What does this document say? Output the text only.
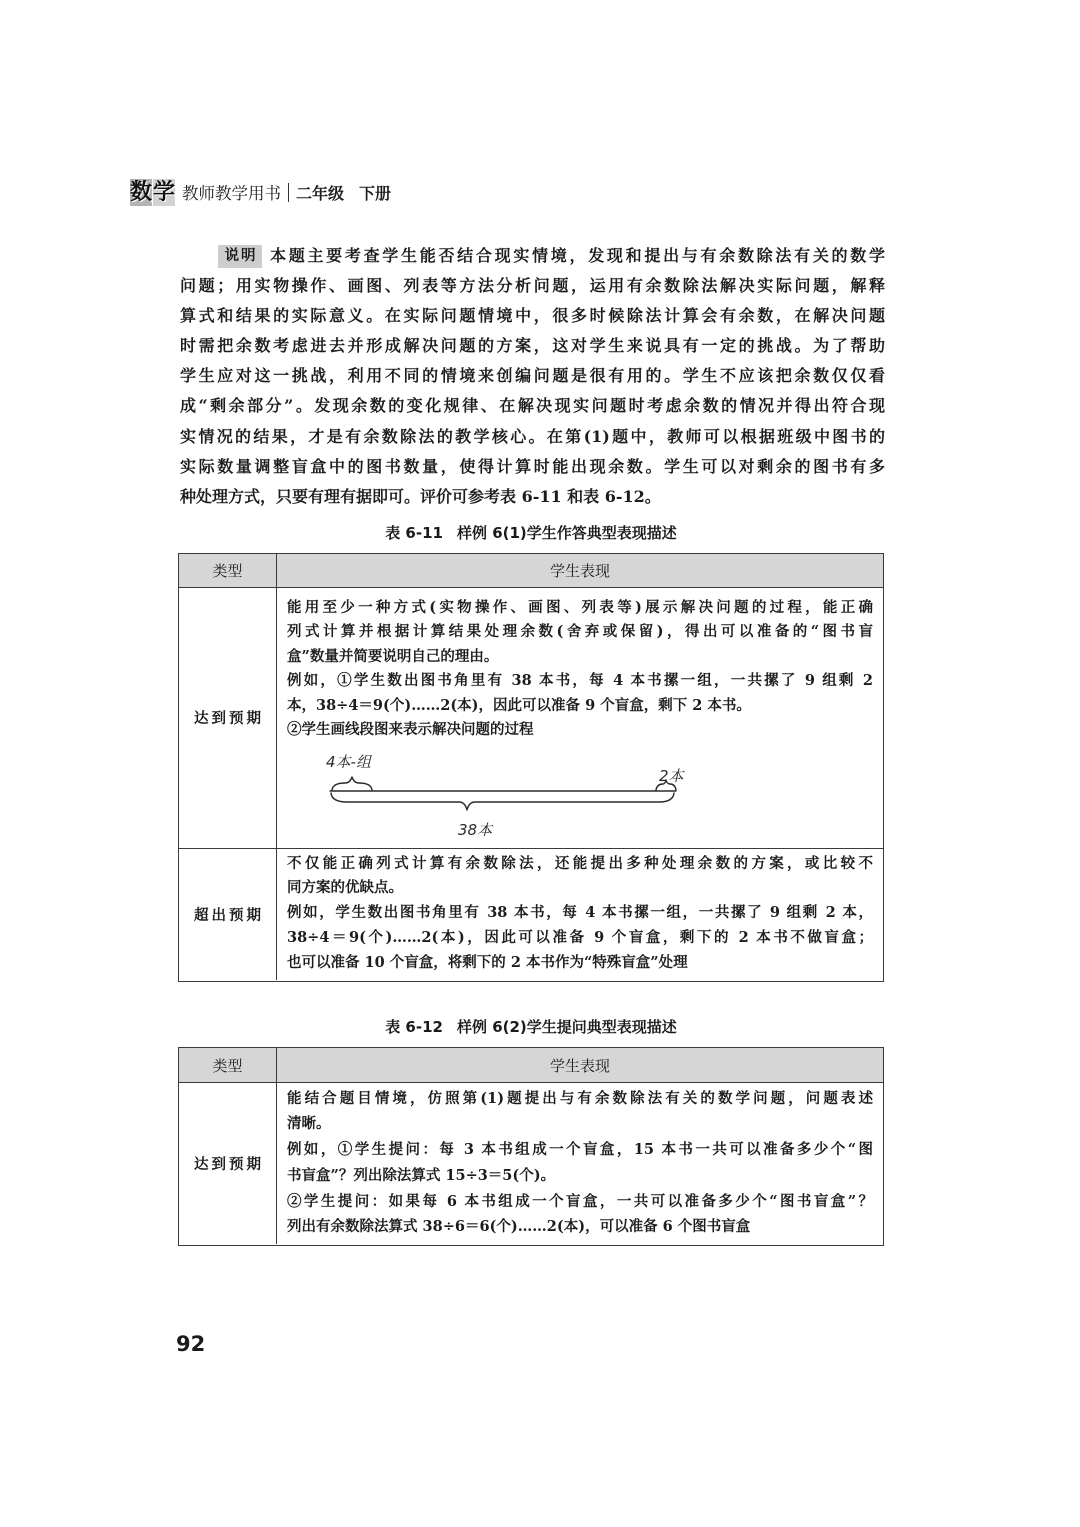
数 学 教师教学用书 二年级 下册
说明 本题主要考查学生能否结合现实情境，发现和提出与有余数除法有关的数学
问题；用实物操作、画图、列表等方法分析问题，运用有余数除法解决实际问题，解释
算式和结果的实际意义。在实际问题情境中，很多时候除法计算会有余数，在解决问题
时需把余数考虑进去并形成解决问题的方案，这对学生来说具有一定的挑战。为了帮助
学生应对这一挑战，利用不同的情境来创编问题是很有用的。学生不应该把余数仅仅看
成“剩余部分”。发现余数的变化规律、在解决现实问题时考虑余数的情况并得出符合现
实情况的结果，才是有余数除法的教学核心。在第(1)题中，教师可以根据班级中图书的
实际数量调整盲盒中的图书数量，使得计算时能出现余数。学生可以对剩余的图书有多
种处理方式，只要有理有据即可。评价可参考表 6-11 和表 6-12。
表 6-11 样例 6(1)学生作答典型表现描述
类型	学生表现
达到预期
能用至少一种方式(实物操作、画图、列表等)展示解决问题的过程，能正确
列式计算并根据计算结果处理余数(舍弃或保留)，得出可以准备的“图书盲
盒”数量并简要说明自己的理由。
例如，①学生数出图书角里有 38 本书，每 4 本书摞一组，一共摞了 9 组剩 2
本，38÷4＝9(个)……2(本)，因此可以准备 9 个盲盒，剩下 2 本书。
②学生画线段图来表示解决问题的过程
4本-组
2本
38本
超出预期
不仅能正确列式计算有余数除法，还能提出多种处理余数的方案，或比较不
同方案的优缺点。
例如，学生数出图书角里有 38 本书，每 4 本书摞一组，一共摞了 9 组剩 2 本，
38÷4＝9(个)……2(本)，因此可以准备 9 个盲盒，剩下的 2 本书不做盲盒；
也可以准备 10 个盲盒，将剩下的 2 本书作为“特殊盲盒”处理
表 6-12 样例 6(2)学生提问典型表现描述
类型	学生表现
达到预期
能结合题目情境，仿照第(1)题提出与有余数除法有关的数学问题，问题表述
清晰。
例如，①学生提问：每 3 本书组成一个盲盒，15 本书一共可以准备多少个“图
书盲盒”？列出除法算式 15÷3＝5(个)。
②学生提问：如果每 6 本书组成一个盲盒，一共可以准备多少个“图书盲盒”？
列出有余数除法算式 38÷6＝6(个)……2(本)，可以准备 6 个图书盲盒
92
